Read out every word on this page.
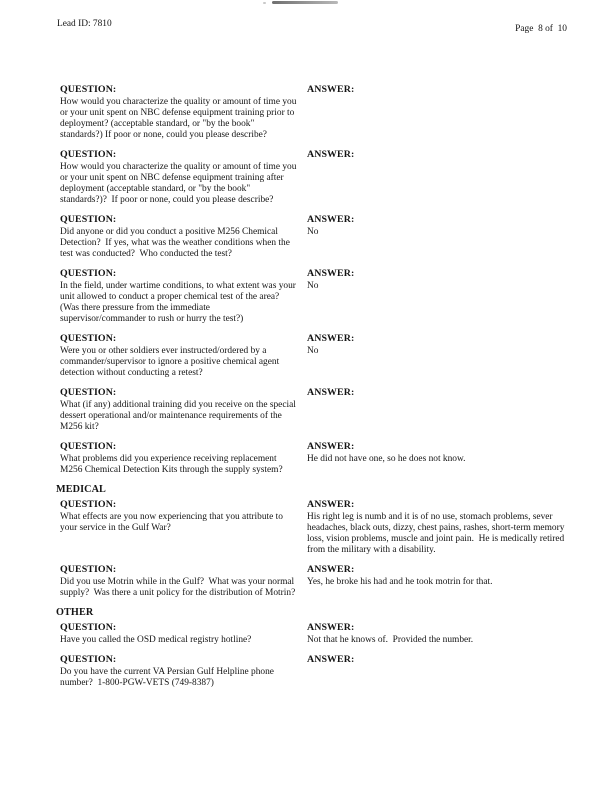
Lead ID: 7810	Page  8 of  10
QUESTION:
How would you characterize the quality or amount of time you or your unit spent on NBC defense equipment training prior to deployment? (acceptable standard, or "by the book" standards?) If poor or none, could you please describe?
ANSWER:
QUESTION:
How would you characterize the quality or amount of time you or your unit spent on NBC defense equipment training after deployment (acceptable standard, or "by the book" standards?)?  If poor or none, could you please describe?
ANSWER:
QUESTION:
Did anyone or did you conduct a positive M256 Chemical Detection?  If yes, what was the weather conditions when the test was conducted?  Who conducted the test?
ANSWER:
No
QUESTION:
In the field, under wartime conditions, to what extent was your unit allowed to conduct a proper chemical test of the area?  (Was there pressure from the immediate supervisor/commander to rush or hurry the test?)
ANSWER:
No
QUESTION:
Were you or other soldiers ever instructed/ordered by a commander/supervisor to ignore a positive chemical agent detection without conducting a retest?
ANSWER:
No
QUESTION:
What (if any) additional training did you receive on the special dessert operational and/or maintenance requirements of the M256 kit?
ANSWER:
QUESTION:
What problems did you experience receiving replacement M256 Chemical Detection Kits through the supply system?
ANSWER:
He did not have one, so he does not know.
MEDICAL
QUESTION:
What effects are you now experiencing that you attribute to your service in the Gulf War?
ANSWER:
His right leg is numb and it is of no use, stomach problems, sever headaches, black outs, dizzy, chest pains, rashes, short-term memory loss, vision problems, muscle and joint pain.  He is medically retired from the military with a disability.
QUESTION:
Did you use Motrin while in the Gulf?  What was your normal supply?  Was there a unit policy for the distribution of Motrin?
ANSWER:
Yes, he broke his had and he took motrin for that.
OTHER
QUESTION:
Have you called the OSD medical registry hotline?
ANSWER:
Not that he knows of.  Provided the number.
QUESTION:
Do you have the current VA Persian Gulf Helpline phone number?  1-800-PGW-VETS (749-8387)
ANSWER:
